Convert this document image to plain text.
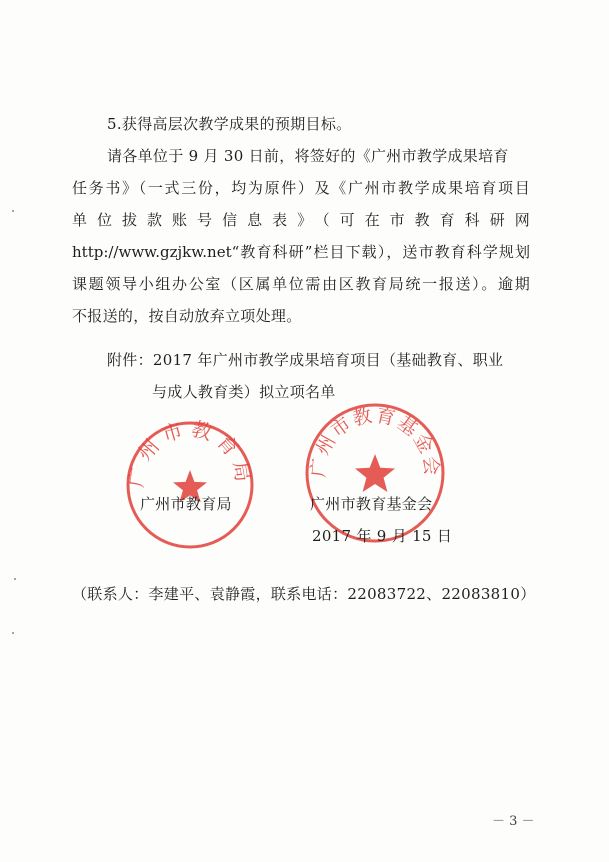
5.获得高层次教学成果的预期目标。
请各单位于 9 月 30 日前，将签好的《广州市教学成果培育
任务书》（一式三份，均为原件）及《广州市教学成果培育项目
单位拔款账号信息表》（可在市教育科研网
http://www.gzjkw.net“教育科研”栏目下载），送市教育科学规划
课题领导小组办公室（区属单位需由区教育局统一报送）。逾期
不报送的，按自动放弃立项处理。
附件：2017 年广州市教学成果培育项目（基础教育、职业
与成人教育类）拟立项名单
广州市教育局	广州市教育基金会
广州市教育局	广州市教育基金会
2017 年 9 月 15 日
（联系人：李建平、袁静霞，联系电话：22083722、22083810）
－ 3 －
